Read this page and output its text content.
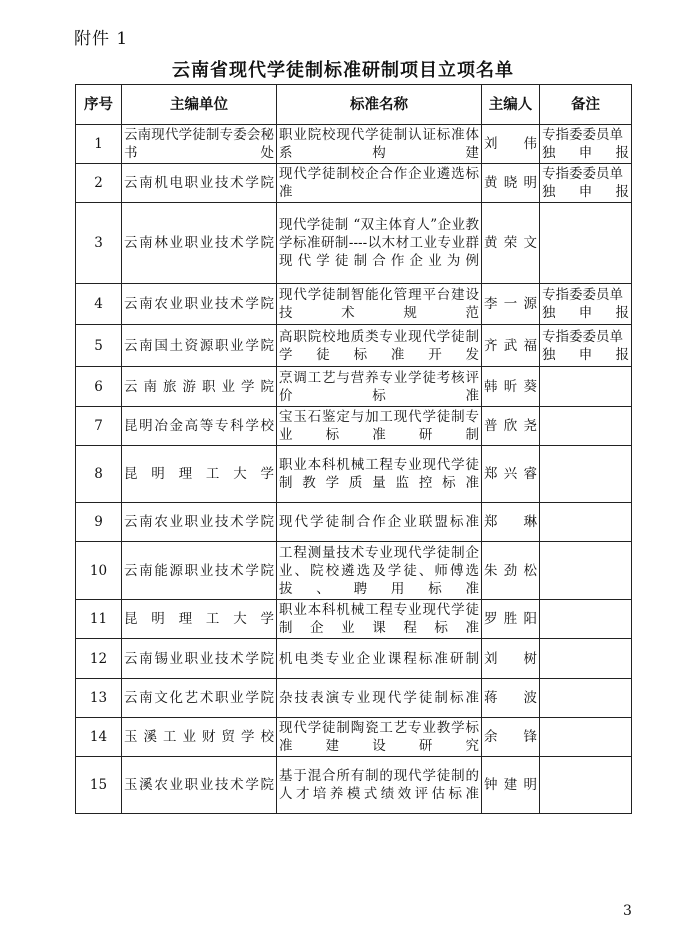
附件 1
云南省现代学徒制标准研制项目立项名单
序号	主编单位	标准名称	主编人	备注
1	云南现代学徒制专委会秘书处	职业院校现代学徒制认证标准体系构建	刘 伟	专指委委员单独申报
2	云南机电职业技术学院	现代学徒制校企合作企业遴选标准	黄晓明	专指委委员单独申报
3	云南林业职业技术学院	现代学徒制 “双主体育人”企业教学标准研制----以木材工业专业群现代学徒制合作企业为例	黄荣文	
4	云南农业职业技术学院	现代学徒制智能化管理平台建设技术规范	李一源	专指委委员单独申报
5	云南国土资源职业学院	高职院校地质类专业现代学徒制学徒标准开发	齐武福	专指委委员单独申报
6	云南旅游职业学院	烹调工艺与营养专业学徒考核评价标准	韩昕葵	
7	昆明冶金高等专科学校	宝玉石鉴定与加工现代学徒制专业标准研制	普欣尧	
8	昆明理工大学	职业本科机械工程专业现代学徒制教学质量监控标准	郑兴睿	
9	云南农业职业技术学院	现代学徒制合作企业联盟标准	郑 琳	
10	云南能源职业技术学院	工程测量技术专业现代学徒制企业、院校遴选及学徒、师傅选拔、聘用标准	朱劲松	
11	昆明理工大学	职业本科机械工程专业现代学徒制企业课程标准	罗胜阳	
12	云南锡业职业技术学院	机电类专业企业课程标准研制	刘 树	
13	云南文化艺术职业学院	杂技表演专业现代学徒制标准	蒋 波	
14	玉溪工业财贸学校	现代学徒制陶瓷工艺专业教学标准建设研究	余 锋	
15	玉溪农业职业技术学院	基于混合所有制的现代学徒制的人才培养模式绩效评估标准	钟建明	
3
